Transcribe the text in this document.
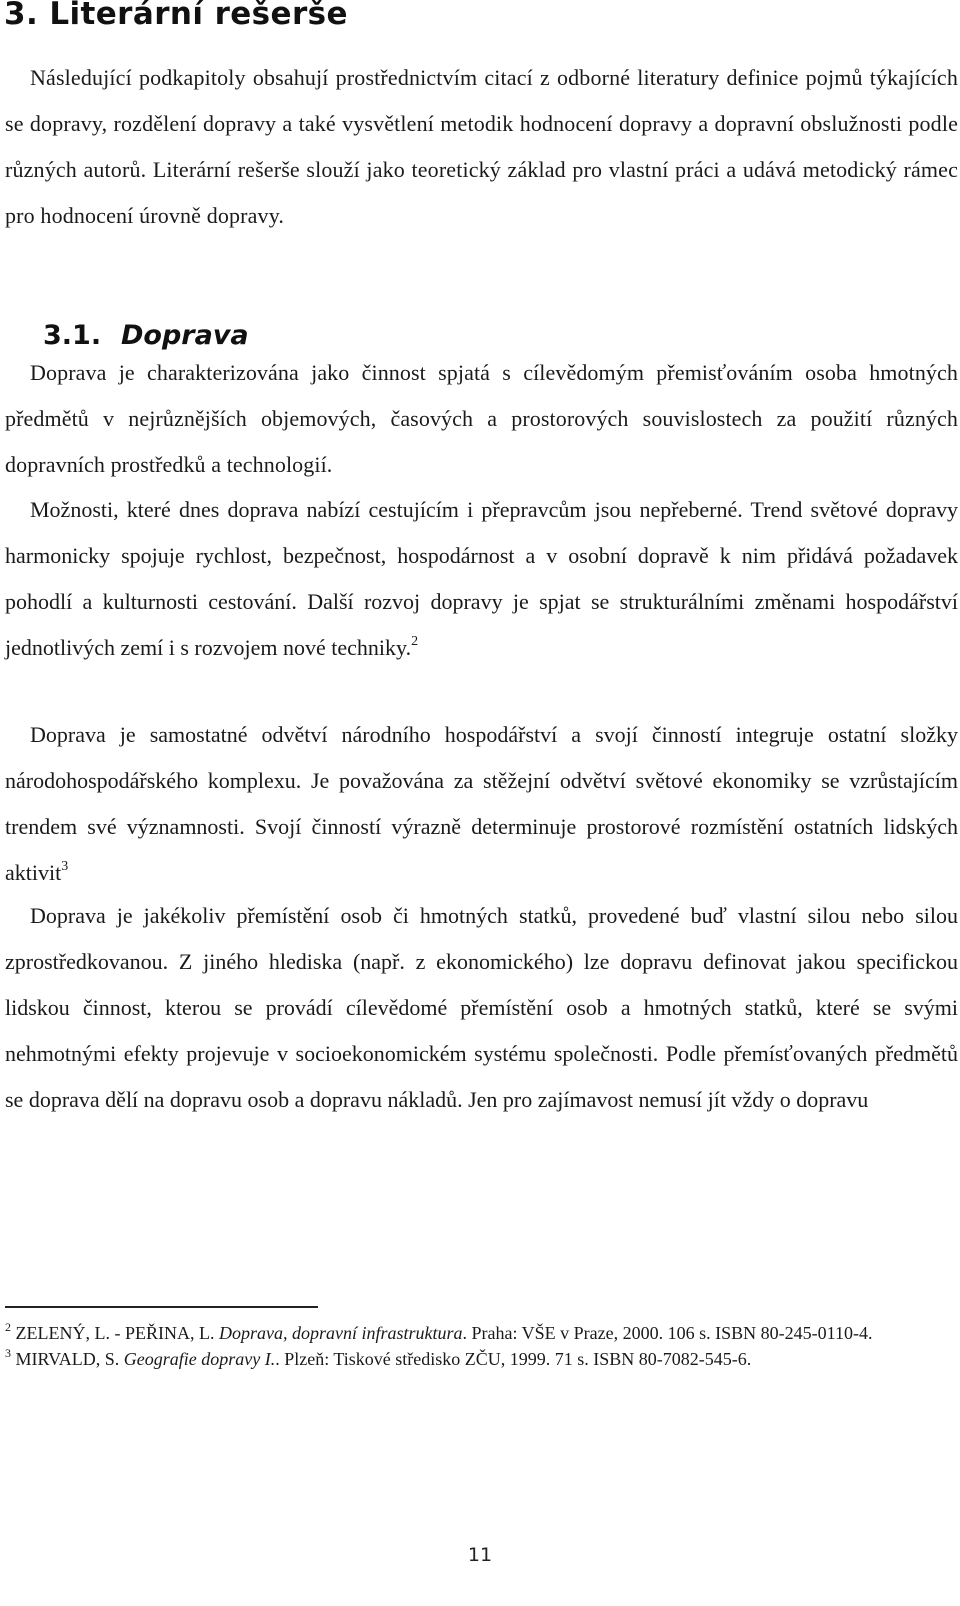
3. Literární rešerše

Následující podkapitoly obsahují prostřednictvím citací z odborné literatury definice pojmů týkajících se dopravy, rozdělení dopravy a také vysvětlení metodik hodnocení dopravy a dopravní obslužnosti podle různých autorů. Literární rešerše slouží jako teoretický základ pro vlastní práci a udává metodický rámec pro hodnocení úrovně dopravy.

3.1. Doprava

Doprava je charakterizována jako činnost spjatá s cílevědomým přemisťováním osoba hmotných předmětů v nejrůznějších objemových, časových a prostorových souvislostech za použití různých dopravních prostředků a technologií.

Možnosti, které dnes doprava nabízí cestujícím i přepravcům jsou nepřeberné. Trend světové dopravy harmonicky spojuje rychlost, bezpečnost, hospodárnost a v osobní dopravě k nim přidává požadavek pohodlí a kulturnosti cestování. Další rozvoj dopravy je spjat se strukturálními změnami hospodářství jednotlivých zemí i s rozvojem nové techniky.$^2$

Doprava je samostatné odvětví národního hospodářství a svojí činností integruje ostatní složky národohospodářského komplexu. Je považována za stěžejní odvětví světové ekonomiky se vzrůstajícím trendem své významnosti. Svojí činností výrazně determinuje prostorové rozmístění ostatních lidských aktivit$^3$

Doprava je jakékoliv přemístění osob či hmotných statků, provedené buď vlastní silou nebo silou zprostředkovanou. Z jiného hlediska (např. z ekonomického) lze dopravu definovat jakou specifickou lidskou činnost, kterou se provádí cílevědomé přemístění osob a hmotných statků, které se svými nehmotnými efekty projevuje v socioekonomickém systému společnosti. Podle přemísťovaných předmětů se doprava dělí na dopravu osob a dopravu nákladů. Jen pro zajímavost nemusí jít vždy o dopravu

$^2$ ZELENÝ, L. - PEŘINA, L. Doprava, dopravní infrastruktura. Praha: VŠE v Praze, 2000. 106 s. ISBN 80-245-0110-4.

$^3$ MIRVALD, S. Geografie dopravy I.. Plzeň: Tiskové středisko ZČU, 1999. 71 s. ISBN 80-7082-545-6.

11
